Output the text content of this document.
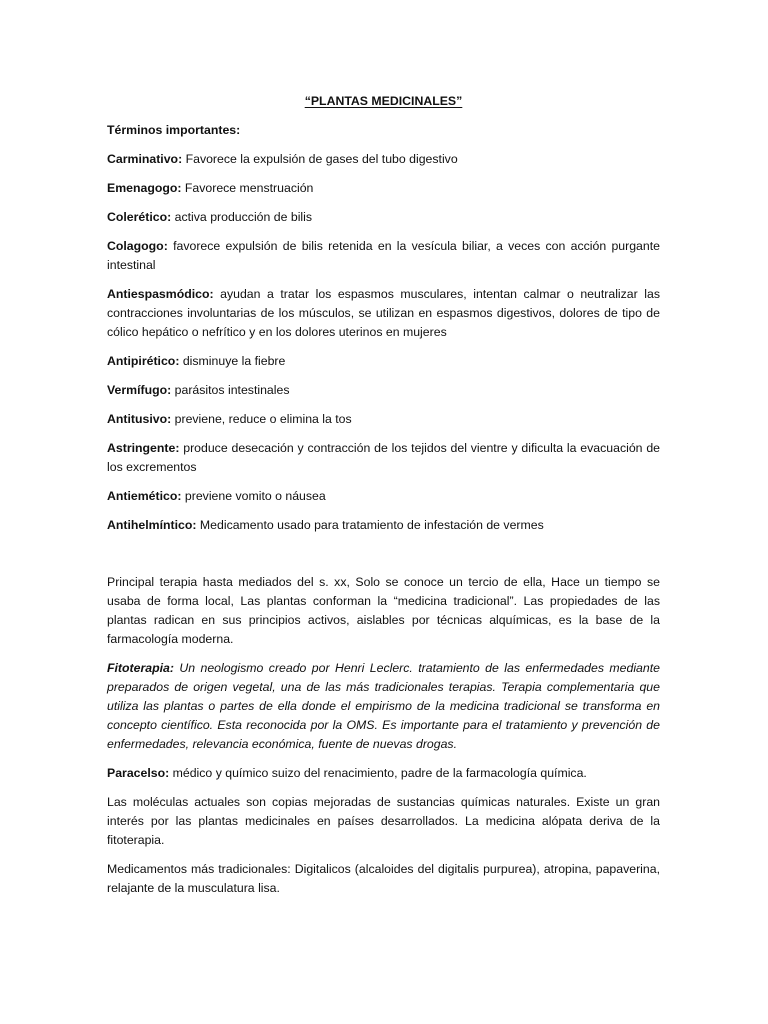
“PLANTAS MEDICINALES”
Términos importantes:

Carminativo: Favorece la expulsión de gases del tubo digestivo

Emenagogo: Favorece menstruación

Colerético: activa producción de bilis

Colagogo: favorece expulsión de bilis retenida en la vesícula biliar, a veces con acción purgante intestinal

Antiespasmódico: ayudan a tratar los espasmos musculares, intentan calmar o neutralizar las contracciones involuntarias de los músculos, se utilizan en espasmos digestivos, dolores de tipo de cólico hepático o nefrítico y en los dolores uterinos en mujeres

Antipirético: disminuye la fiebre

Vermífugo: parásitos intestinales

Antitusivo: previene, reduce o elimina la tos

Astringente: produce desecación y contracción de los tejidos del vientre y dificulta la evacuación de los excrementos

Antiemético: previene vomito o náusea

Antihelmíntico: Medicamento usado para tratamiento de infestación de vermes

Principal terapia hasta mediados del s. xx, Solo se conoce un tercio de ella, Hace un tiempo se usaba de forma local, Las plantas conforman la “medicina tradicional”. Las propiedades de las plantas radican en sus principios activos, aislables por técnicas alquímicas, es la base de la farmacología moderna.

Fitoterapia: Un neologismo creado por Henri Leclerc. tratamiento de las enfermedades mediante preparados de origen vegetal, una de las más tradicionales terapias. Terapia complementaria que utiliza las plantas o partes de ella donde el empirismo de la medicina tradicional se transforma en concepto científico. Esta reconocida por la OMS. Es importante para el tratamiento y prevención de enfermedades, relevancia económica, fuente de nuevas drogas.

Paracelso: médico y químico suizo del renacimiento, padre de la farmacología química.

Las moléculas actuales son copias mejoradas de sustancias químicas naturales. Existe un gran interés por las plantas medicinales en países desarrollados. La medicina alópata deriva de la fitoterapia.

Medicamentos más tradicionales: Digitalicos (alcaloides del digitalis purpurea), atropina, papaverina, relajante de la musculatura lisa.
